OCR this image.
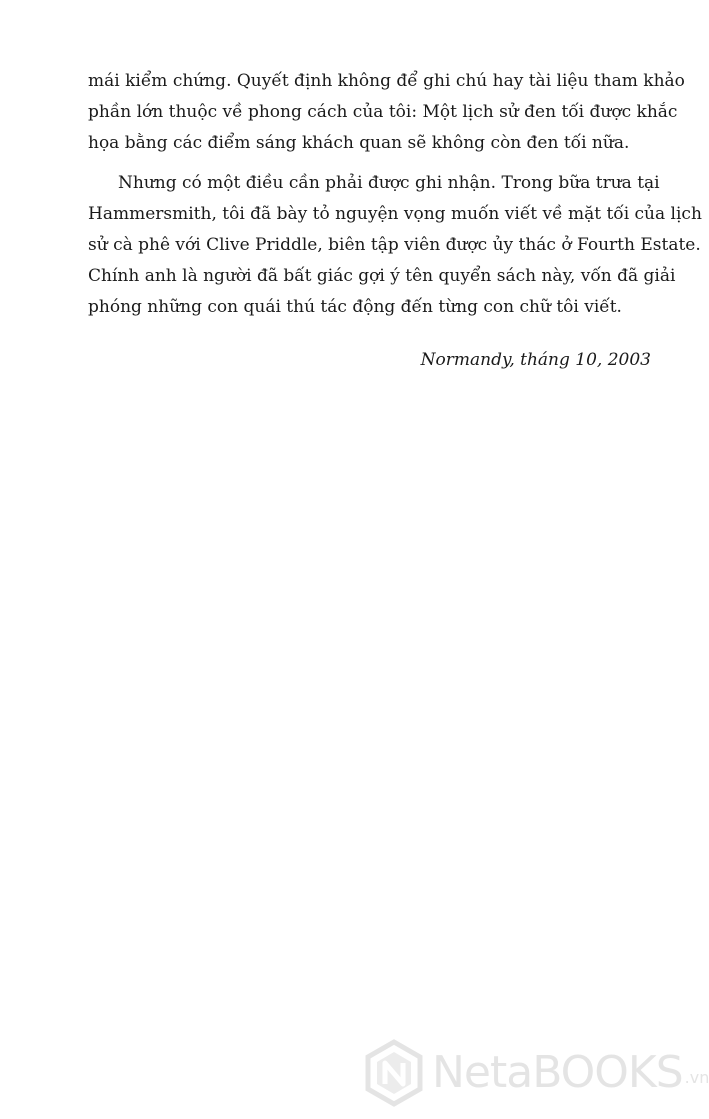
mái kiểm chứng. Quyết định không để ghi chú hay tài liệu tham khảo
phần lớn thuộc về phong cách của tôi: Một lịch sử đen tối được khắc
họa bằng các điểm sáng khách quan sẽ không còn đen tối nữa.

Nhưng có một điều cần phải được ghi nhận. Trong bữa trưa tại
Hammersmith, tôi đã bày tỏ nguyện vọng muốn viết về mặt tối của lịch
sử cà phê với Clive Priddle, biên tập viên được ủy thác ở Fourth Estate.
Chính anh là người đã bất giác gợi ý tên quyển sách này, vốn đã giải
phóng những con quái thú tác động đến từng con chữ tôi viết.

Normandy, tháng 10, 2003
NetaBOOKS .vn
